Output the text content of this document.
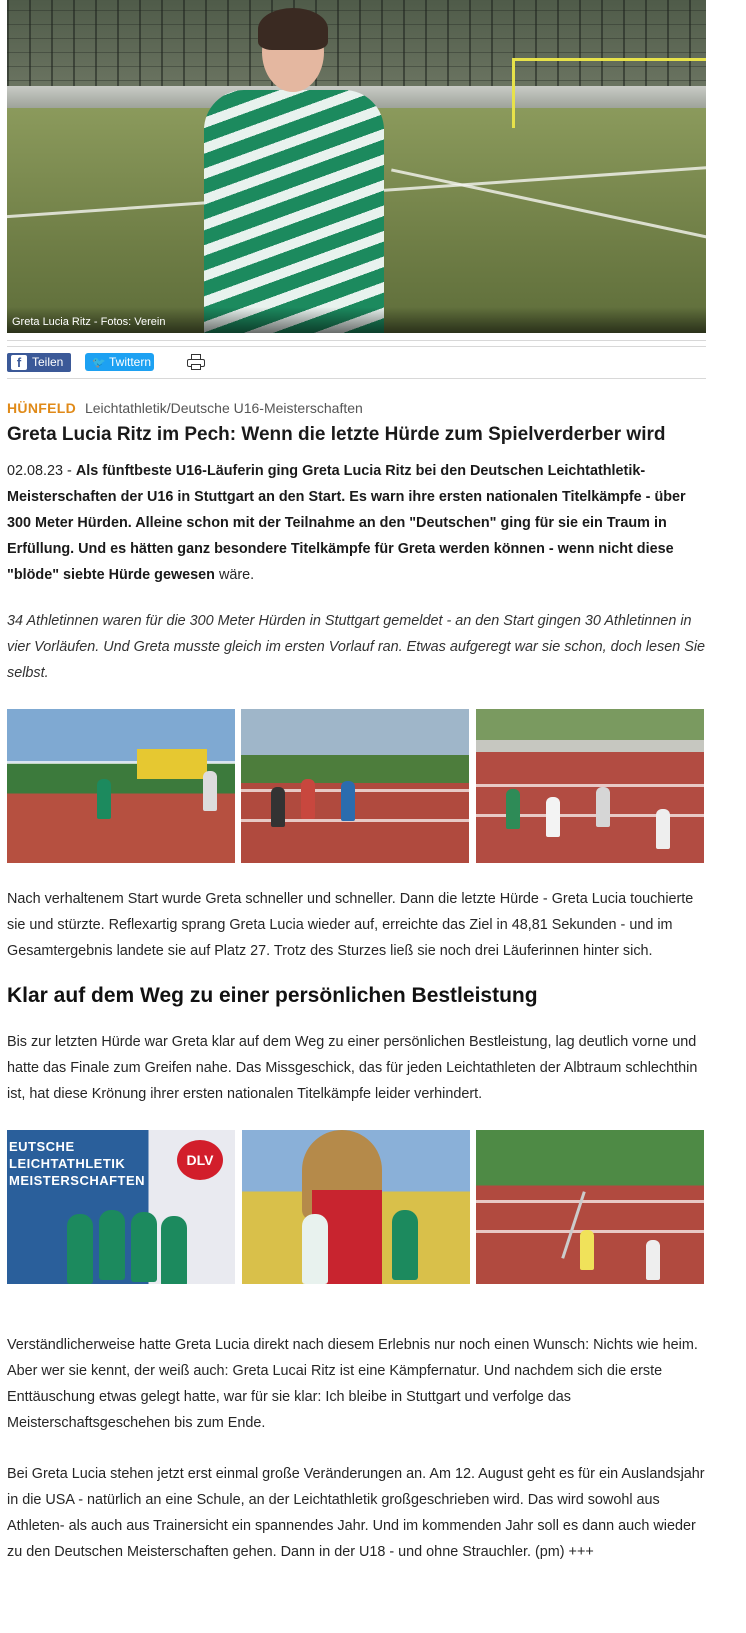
Greta Lucia Ritz - Fotos: Verein
f Teilen	🐦 Twittern
HÜNFELD Leichtathletik/Deutsche U16-Meisterschaften
Greta Lucia Ritz im Pech: Wenn die letzte Hürde zum Spielverderber wird

02.08.23 - Als fünftbeste U16-Läuferin ging Greta Lucia Ritz bei den Deutschen Leichtathletik-Meisterschaften der U16 in Stuttgart an den Start. Es warn ihre ersten nationalen Titelkämpfe - über 300 Meter Hürden. Alleine schon mit der Teilnahme an den "Deutschen" ging für sie ein Traum in Erfüllung. Und es hätten ganz besondere Titelkämpfe für Greta werden können - wenn nicht diese "blöde" siebte Hürde gewesen wäre.

34 Athletinnen waren für die 300 Meter Hürden in Stuttgart gemeldet - an den Start gingen 30 Athletinnen in vier Vorläufen. Und Greta musste gleich im ersten Vorlauf ran. Etwas aufgeregt war sie schon, doch lesen Sie selbst.

Nach verhaltenem Start wurde Greta schneller und schneller. Dann die letzte Hürde - Greta Lucia touchierte sie und stürzte. Reflexartig sprang Greta Lucia wieder auf, erreichte das Ziel in 48,81 Sekunden - und im Gesamtergebnis landete sie auf Platz 27. Trotz des Sturzes ließ sie noch drei Läuferinnen hinter sich.

Klar auf dem Weg zu einer persönlichen Bestleistung

Bis zur letzten Hürde war Greta klar auf dem Weg zu einer persönlichen Bestleistung, lag deutlich vorne und hatte das Finale zum Greifen nahe. Das Missgeschick, das für jeden Leichtathleten der Albtraum schlechthin ist, hat diese Krönung ihrer ersten nationalen Titelkämpfe leider verhindert.

EUTSCHE LEICHTATHLETIK MEISTERSCHAFTEN
DLV

Verständlicherweise hatte Greta Lucia direkt nach diesem Erlebnis nur noch einen Wunsch: Nichts wie heim. Aber wer sie kennt, der weiß auch: Greta Lucai Ritz ist eine Kämpfernatur. Und nachdem sich die erste Enttäuschung etwas gelegt hatte, war für sie klar: Ich bleibe in Stuttgart und verfolge das Meisterschaftsgeschehen bis zum Ende.

Bei Greta Lucia stehen jetzt erst einmal große Veränderungen an. Am 12. August geht es für ein Auslandsjahr in die USA - natürlich an eine Schule, an der Leichtathletik großgeschrieben wird. Das wird sowohl aus Athleten- als auch aus Trainersicht ein spannendes Jahr. Und im kommenden Jahr soll es dann auch wieder zu den Deutschen Meisterschaften gehen. Dann in der U18 - und ohne Strauchler. (pm) +++
